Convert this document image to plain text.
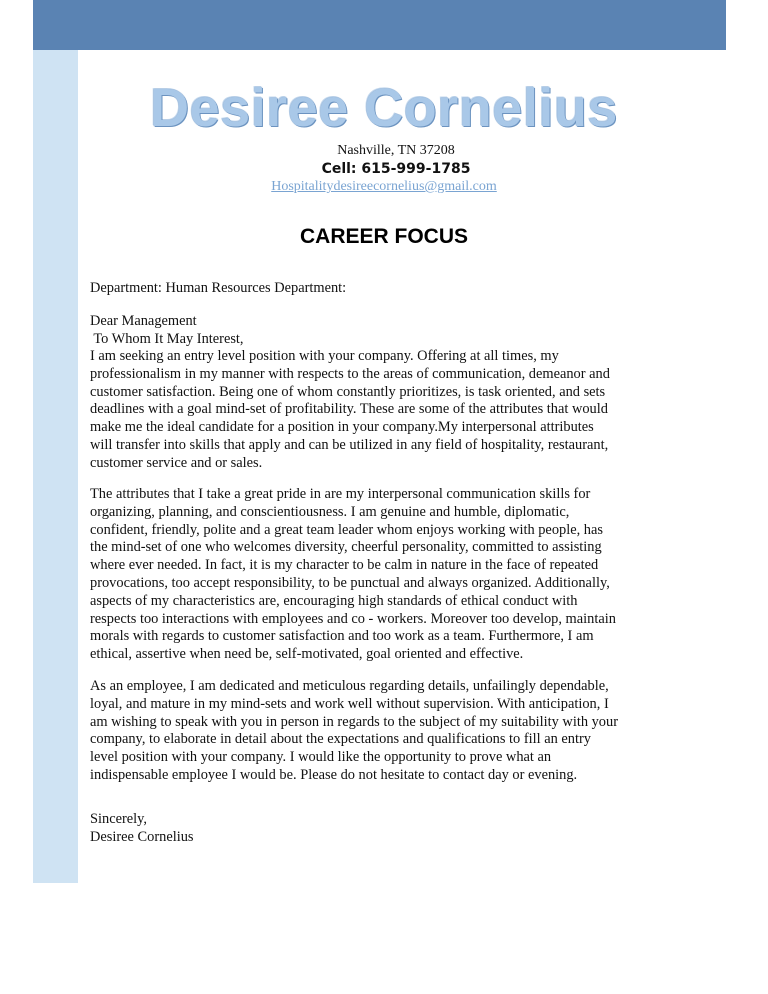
Desiree Cornelius
Nashville, TN 37208
Cell: 615-999-1785
Hospitalitydesireecornelius@gmail.com
CAREER FOCUS
Department: Human Resources Department:
Dear Management
To Whom It May Interest,
I am seeking an entry level position with your company. Offering at all times, my
professionalism in my manner with respects to the areas of communication, demeanor and
customer satisfaction. Being one of whom constantly prioritizes, is task oriented, and sets
deadlines with a goal mind-set of profitability. These are some of the attributes that would
make me the ideal candidate for a position in your company.My interpersonal attributes
will transfer into skills that apply and can be utilized in any field of hospitality, restaurant,
customer service and or sales.
The attributes that I take a great pride in are my interpersonal communication skills for
organizing, planning, and conscientiousness. I am genuine and humble, diplomatic,
confident, friendly, polite and a great team leader whom enjoys working with people, has
the mind-set of one who welcomes diversity, cheerful personality, committed to assisting
where ever needed. In fact, it is my character to be calm in nature in the face of repeated
provocations, too accept responsibility, to be punctual and always organized. Additionally,
aspects of my characteristics are, encouraging high standards of ethical conduct with
respects too interactions with employees and co - workers. Moreover too develop, maintain
morals with regards to customer satisfaction and too work as a team. Furthermore, I am
ethical, assertive when need be, self-motivated, goal oriented and effective.
As an employee, I am dedicated and meticulous regarding details, unfailingly dependable,
loyal, and mature in my mind-sets and work well without supervision. With anticipation, I
am wishing to speak with you in person in regards to the subject of my suitability with your
company, to elaborate in detail about the expectations and qualifications to fill an entry
level position with your company. I would like the opportunity to prove what an
indispensable employee I would be. Please do not hesitate to contact day or evening.
Sincerely,
Desiree Cornelius
